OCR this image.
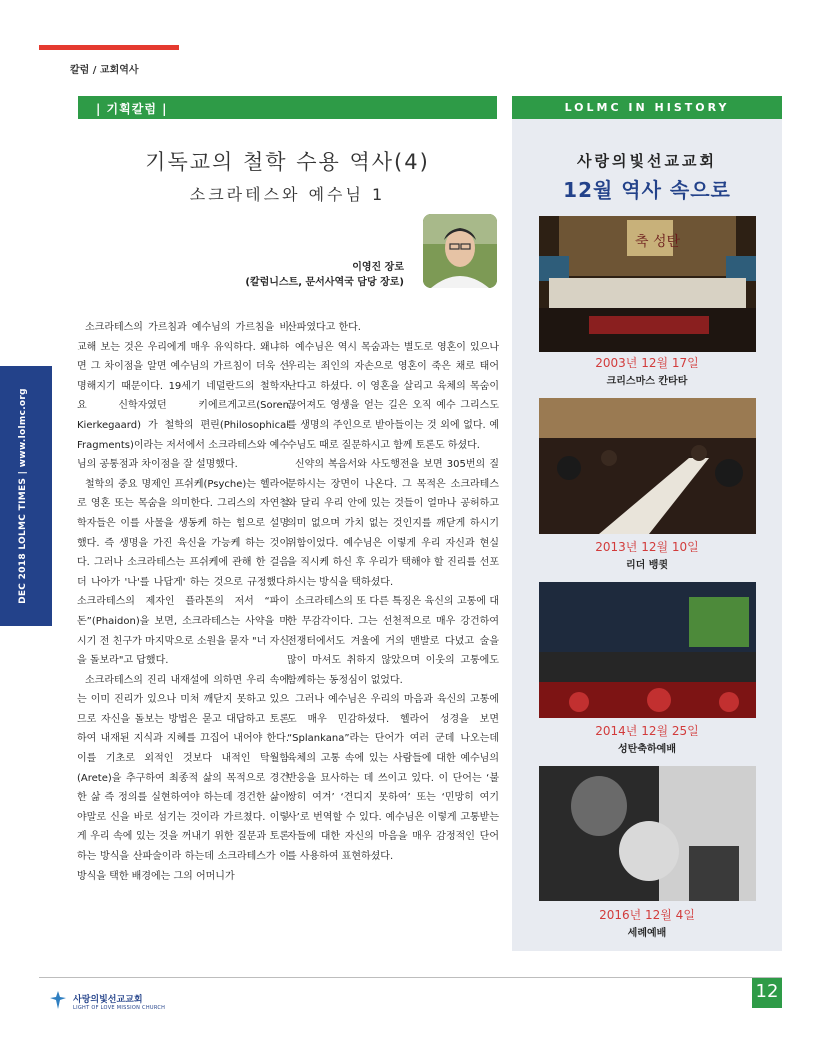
칼럼 / 교회역사
| 기획칼럼 |	LOLMC IN HISTORY
기독교의 철학 수용 역사(4)
소크라테스와 예수님 1
이영진 장로
(칼럼니스트, 문서사역국 담당 장로)
DEC 2018 LOLMC TIMES | www.lolmc.org

소크라테스의 가르침과 예수님의 가르침을 비교해 보는 것은 우리에게 매우 유익하다. 왜냐하면 그 차이점을 알면 예수님의 가르침이 더욱 선명해지기 때문이다. 19세기 네덜란드의 철학자요 신학자였던 키에르게고르(Soren Kierkegaard) 가 철학의 편린(Philosophical Fragments)이라는 저서에서 소크라테스와 예수님의 공통점과 차이점을 잘 설명했다.

철학의 중요 명제인 프쉬케(Psyche)는 헬라어로 영혼 또는 목숨을 의미한다. 그리스의 자연철학자들은 이를 사물을 생동케 하는 힘으로 설명했다. 즉 생명을 가진 육신을 가능케 하는 것이다. 그러나 소크라테스는 프쉬케에 관해 한 걸음 더 나아가 '나'를 나답게' 하는 것으로 규정했다. 소크라테스의 제자인 플라톤의 저서 “파이돈”(Phaidon)을 보면, 소크라테스는 사약을 마시기 전 친구가 마지막으로 소원을 묻자 "너 자신을 돌보라"고 답했다.

소크라테스의 진리 내재설에 의하면 우리 속에는 이미 진리가 있으나 미처 깨닫지 못하고 있으므로 자신을 돌보는 방법은 묻고 대답하고 토론하여 내재된 지식과 지혜를 끄집어 내어야 한다. 이를 기초로 외적인 것보다 내적인 탁월함(Arete)을 추구하여 최종적 삶의 목적으로 경건한 삶 즉 정의를 실현하여야 하는데 경건한 삶이야말로 신을 바로 섬기는 것이라 가르쳤다. 이렇게 우리 속에 있는 것을 꺼내기 위한 질문과 토론하는 방식을 산파술이라 하는데 소크라테스가 이 방식을 택한 배경에는 그의 어머니가

산파였다고 한다.

예수님은 역시 목숨과는 별도로 영혼이 있으나 우리는 죄인의 자손으로 영혼이 죽은 채로 태어난다고 하셨다. 이 영혼을 살리고 육체의 목숨이 끊어져도 영생을 얻는 길은 오직 예수 그리스도를 생명의 주인으로 받아들이는 것 외에 없다. 예수님도 때로 질문하시고 함께 토론도 하셨다.

신약의 복음서와 사도행전을 보면 305번의 질문하시는 장면이 나온다. 그 목적은 소크라테스와 달리 우리 안에 있는 것들이 얼마나 공허하고 의미 없으며 가치 없는 것인지를 깨닫게 하시기 위함이었다. 예수님은 이렇게 우리 자신과 현실을 직시케 하신 후 우리가 택해야 할 진리를 선포하시는 방식을 택하셨다.

소크라테스의 또 다른 특징은 육신의 고통에 대한 무감각이다. 그는 선천적으로 매우 강건하여 전쟁터에서도 겨울에 거의 맨발로 다녔고 술을 많이 마셔도 취하지 않았으며 이웃의 고통에도 함께하는 동정심이 없었다.

그러나 예수님은 우리의 마음과 육신의 고통에도 매우 민감하셨다. 헬라어 성경을 보면 “Splankana”라는 단어가 여러 군데 나오는데 육체의 고통 속에 있는 사람들에 대한 예수님의 반응을 묘사하는 데 쓰이고 있다. 이 단어는 ‘불쌍히 여겨’ ‘견디지 못하여’ 또는 ‘민망히 여기사’로 번역할 수 있다. 예수님은 이렇게 고통받는 자들에 대한 자신의 마음을 매우 감정적인 단어를 사용하여 표현하셨다.

사랑의빛선교교회
12월 역사 속으로
축 성탄
2003년 12월 17일
크리스마스 칸타타
2013년 12월 10일
리더 뱅큇
2014년 12월 25일
성탄축하예배
2016년 12월 4일
세례예배
사랑의빛선교교회
LIGHT OF LOVE MISSION CHURCH
12
